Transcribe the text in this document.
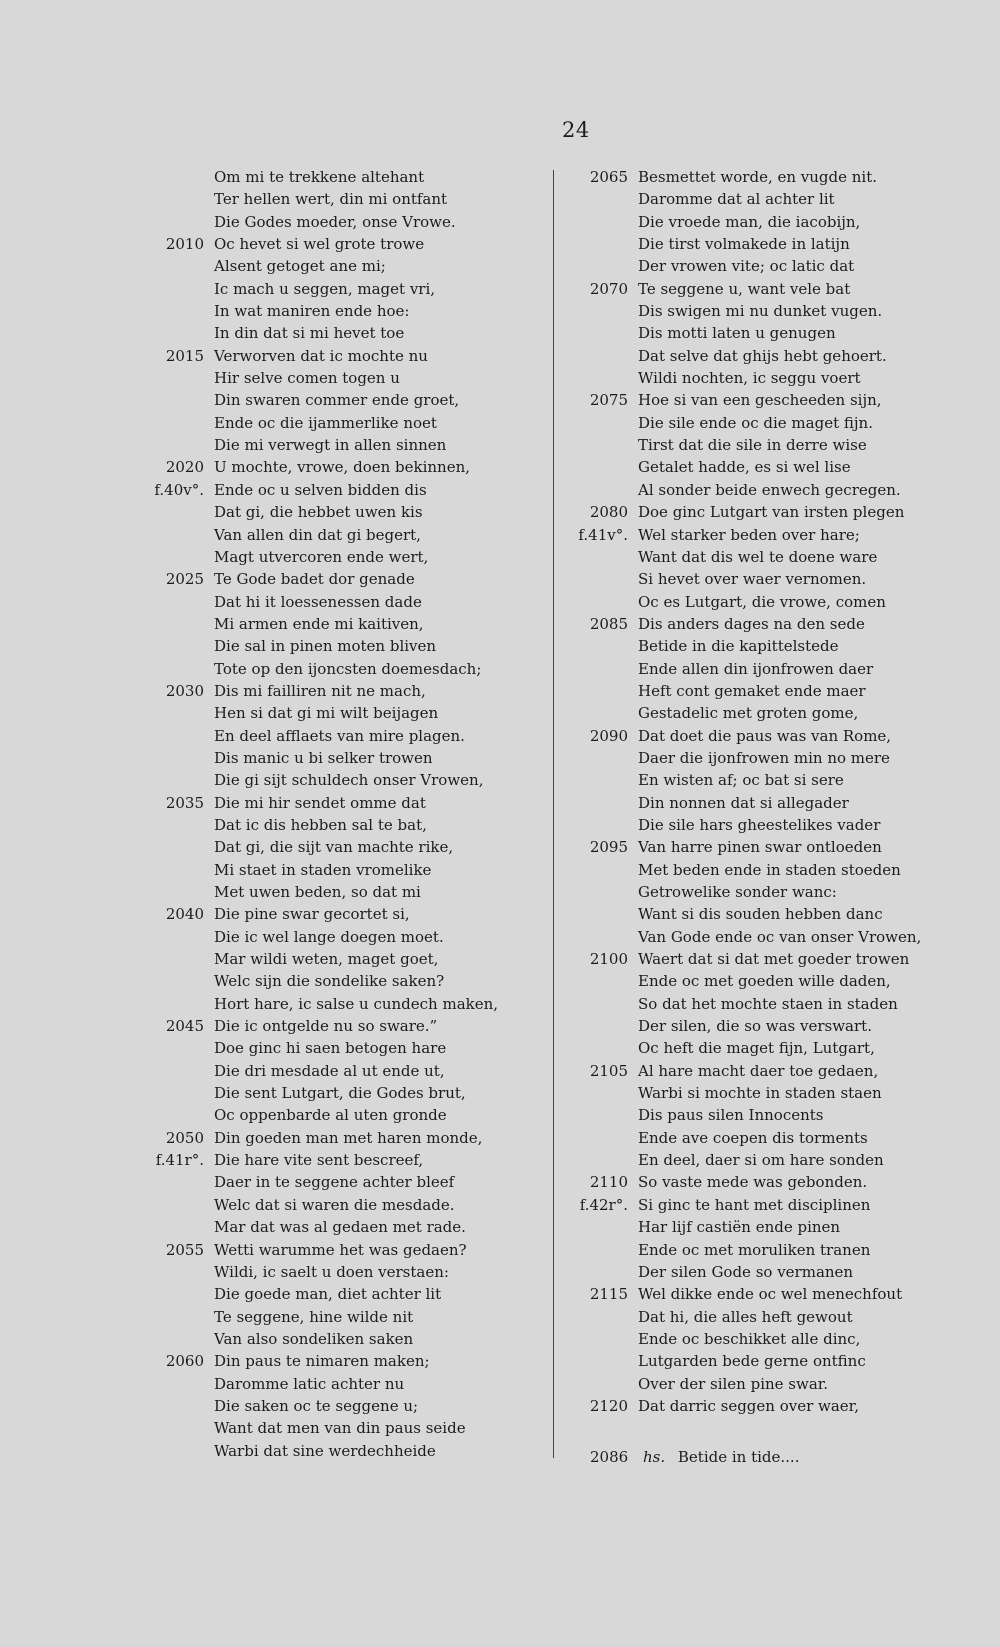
24
Om mi te trekkene altehant
Ter hellen wert, din mi ontfant
Die Godes moeder, onse Vrowe.
2010 Oc hevet si wel grote trowe
Alsent getoget ane mi;
Ic mach u seggen, maget vri,
In wat maniren ende hoe:
In din dat si mi hevet toe
2015 Verworven dat ic mochte nu
Hir selve comen togen u
Din swaren commer ende groet,
Ende oc die ijammerlike noet
Die mi verwegt in allen sinnen
2020 U mochte, vrowe, doen bekinnen,
f.40v°. Ende oc u selven bidden dis
Dat gi, die hebbet uwen kis
Van allen din dat gi begert,
Magt utvercoren ende wert,
2025 Te Gode badet dor genade
Dat hi it loessenessen dade
Mi armen ende mi kaitiven,
Die sal in pinen moten bliven
Tote op den ijoncsten doemesdach;
2030 Dis mi failliren nit ne mach,
Hen si dat gi mi wilt beijagen
En deel afflaets van mire plagen.
Dis manic u bi selker trowen
Die gi sijt schuldech onser Vrowen,
2035 Die mi hir sendet omme dat
Dat ic dis hebben sal te bat,
Dat gi, die sijt van machte rike,
Mi staet in staden vromelike
Met uwen beden, so dat mi
2040 Die pine swar gecortet si,
Die ic wel lange doegen moet.
Mar wildi weten, maget goet,
Welc sijn die sondelike saken?
Hort hare, ic salse u cundech maken,
2045 Die ic ontgelde nu so sware.”
Doe ginc hi saen betogen hare
Die dri mesdade al ut ende ut,
Die sent Lutgart, die Godes brut,
Oc oppenbarde al uten gronde
2050 Din goeden man met haren monde,
f.41r°. Die hare vite sent bescreef,
Daer in te seggene achter bleef
Welc dat si waren die mesdade.
Mar dat was al gedaen met rade.
2055 Wetti warumme het was gedaen?
Wildi, ic saelt u doen verstaen:
Die goede man, diet achter lit
Te seggene, hine wilde nit
Van also sondeliken saken
2060 Din paus te nimaren maken;
Daromme latic achter nu
Die saken oc te seggene u;
Want dat men van din paus seide
Warbi dat sine werdechheide
2065 Besmettet worde, en vugde nit.
Daromme dat al achter lit
Die vroede man, die iacobijn,
Die tirst volmakede in latijn
Der vrowen vite; oc latic dat
2070 Te seggene u, want vele bat
Dis swigen mi nu dunket vugen.
Dis motti laten u genugen
Dat selve dat ghijs hebt gehoert.
Wildi nochten, ic seggu voert
2075 Hoe si van een gescheeden sijn,
Die sile ende oc die maget fijn.
Tirst dat die sile in derre wise
Getalet hadde, es si wel lise
Al sonder beide enwech gecregen.
2080 Doe ginc Lutgart van irsten plegen
f.41v°. Wel starker beden over hare;
Want dat dis wel te doene ware
Si hevet over waer vernomen.
Oc es Lutgart, die vrowe, comen
2085 Dis anders dages na den sede
Betide in die kapittelstede
Ende allen din ijonfrowen daer
Heft cont gemaket ende maer
Gestadelic met groten gome,
2090 Dat doet die paus was van Rome,
Daer die ijonfrowen min no mere
En wisten af; oc bat si sere
Din nonnen dat si allegader
Die sile hars gheestelikes vader
2095 Van harre pinen swar ontloeden
Met beden ende in staden stoeden
Getrowelike sonder wanc:
Want si dis souden hebben danc
Van Gode ende oc van onser Vrowen,
2100 Waert dat si dat met goeder trowen
Ende oc met goeden wille daden,
So dat het mochte staen in staden
Der silen, die so was verswart.
Oc heft die maget fijn, Lutgart,
2105 Al hare macht daer toe gedaen,
Warbi si mochte in staden staen
Dis paus silen Innocents
Ende ave coepen dis torments
En deel, daer si om hare sonden
2110 So vaste mede was gebonden.
f.42r°. Si ginc te hant met disciplinen
Har lijf castiën ende pinen
Ende oc met moruliken tranen
Der silen Gode so vermanen
2115 Wel dikke ende oc wel menechfout
Dat hi, die alles heft gewout
Ende oc beschikket alle dinc,
Lutgarden bede gerne ontfinc
Over der silen pine swar.
2120 Dat darric seggen over waer,
2086 hs. Betide in tide....
